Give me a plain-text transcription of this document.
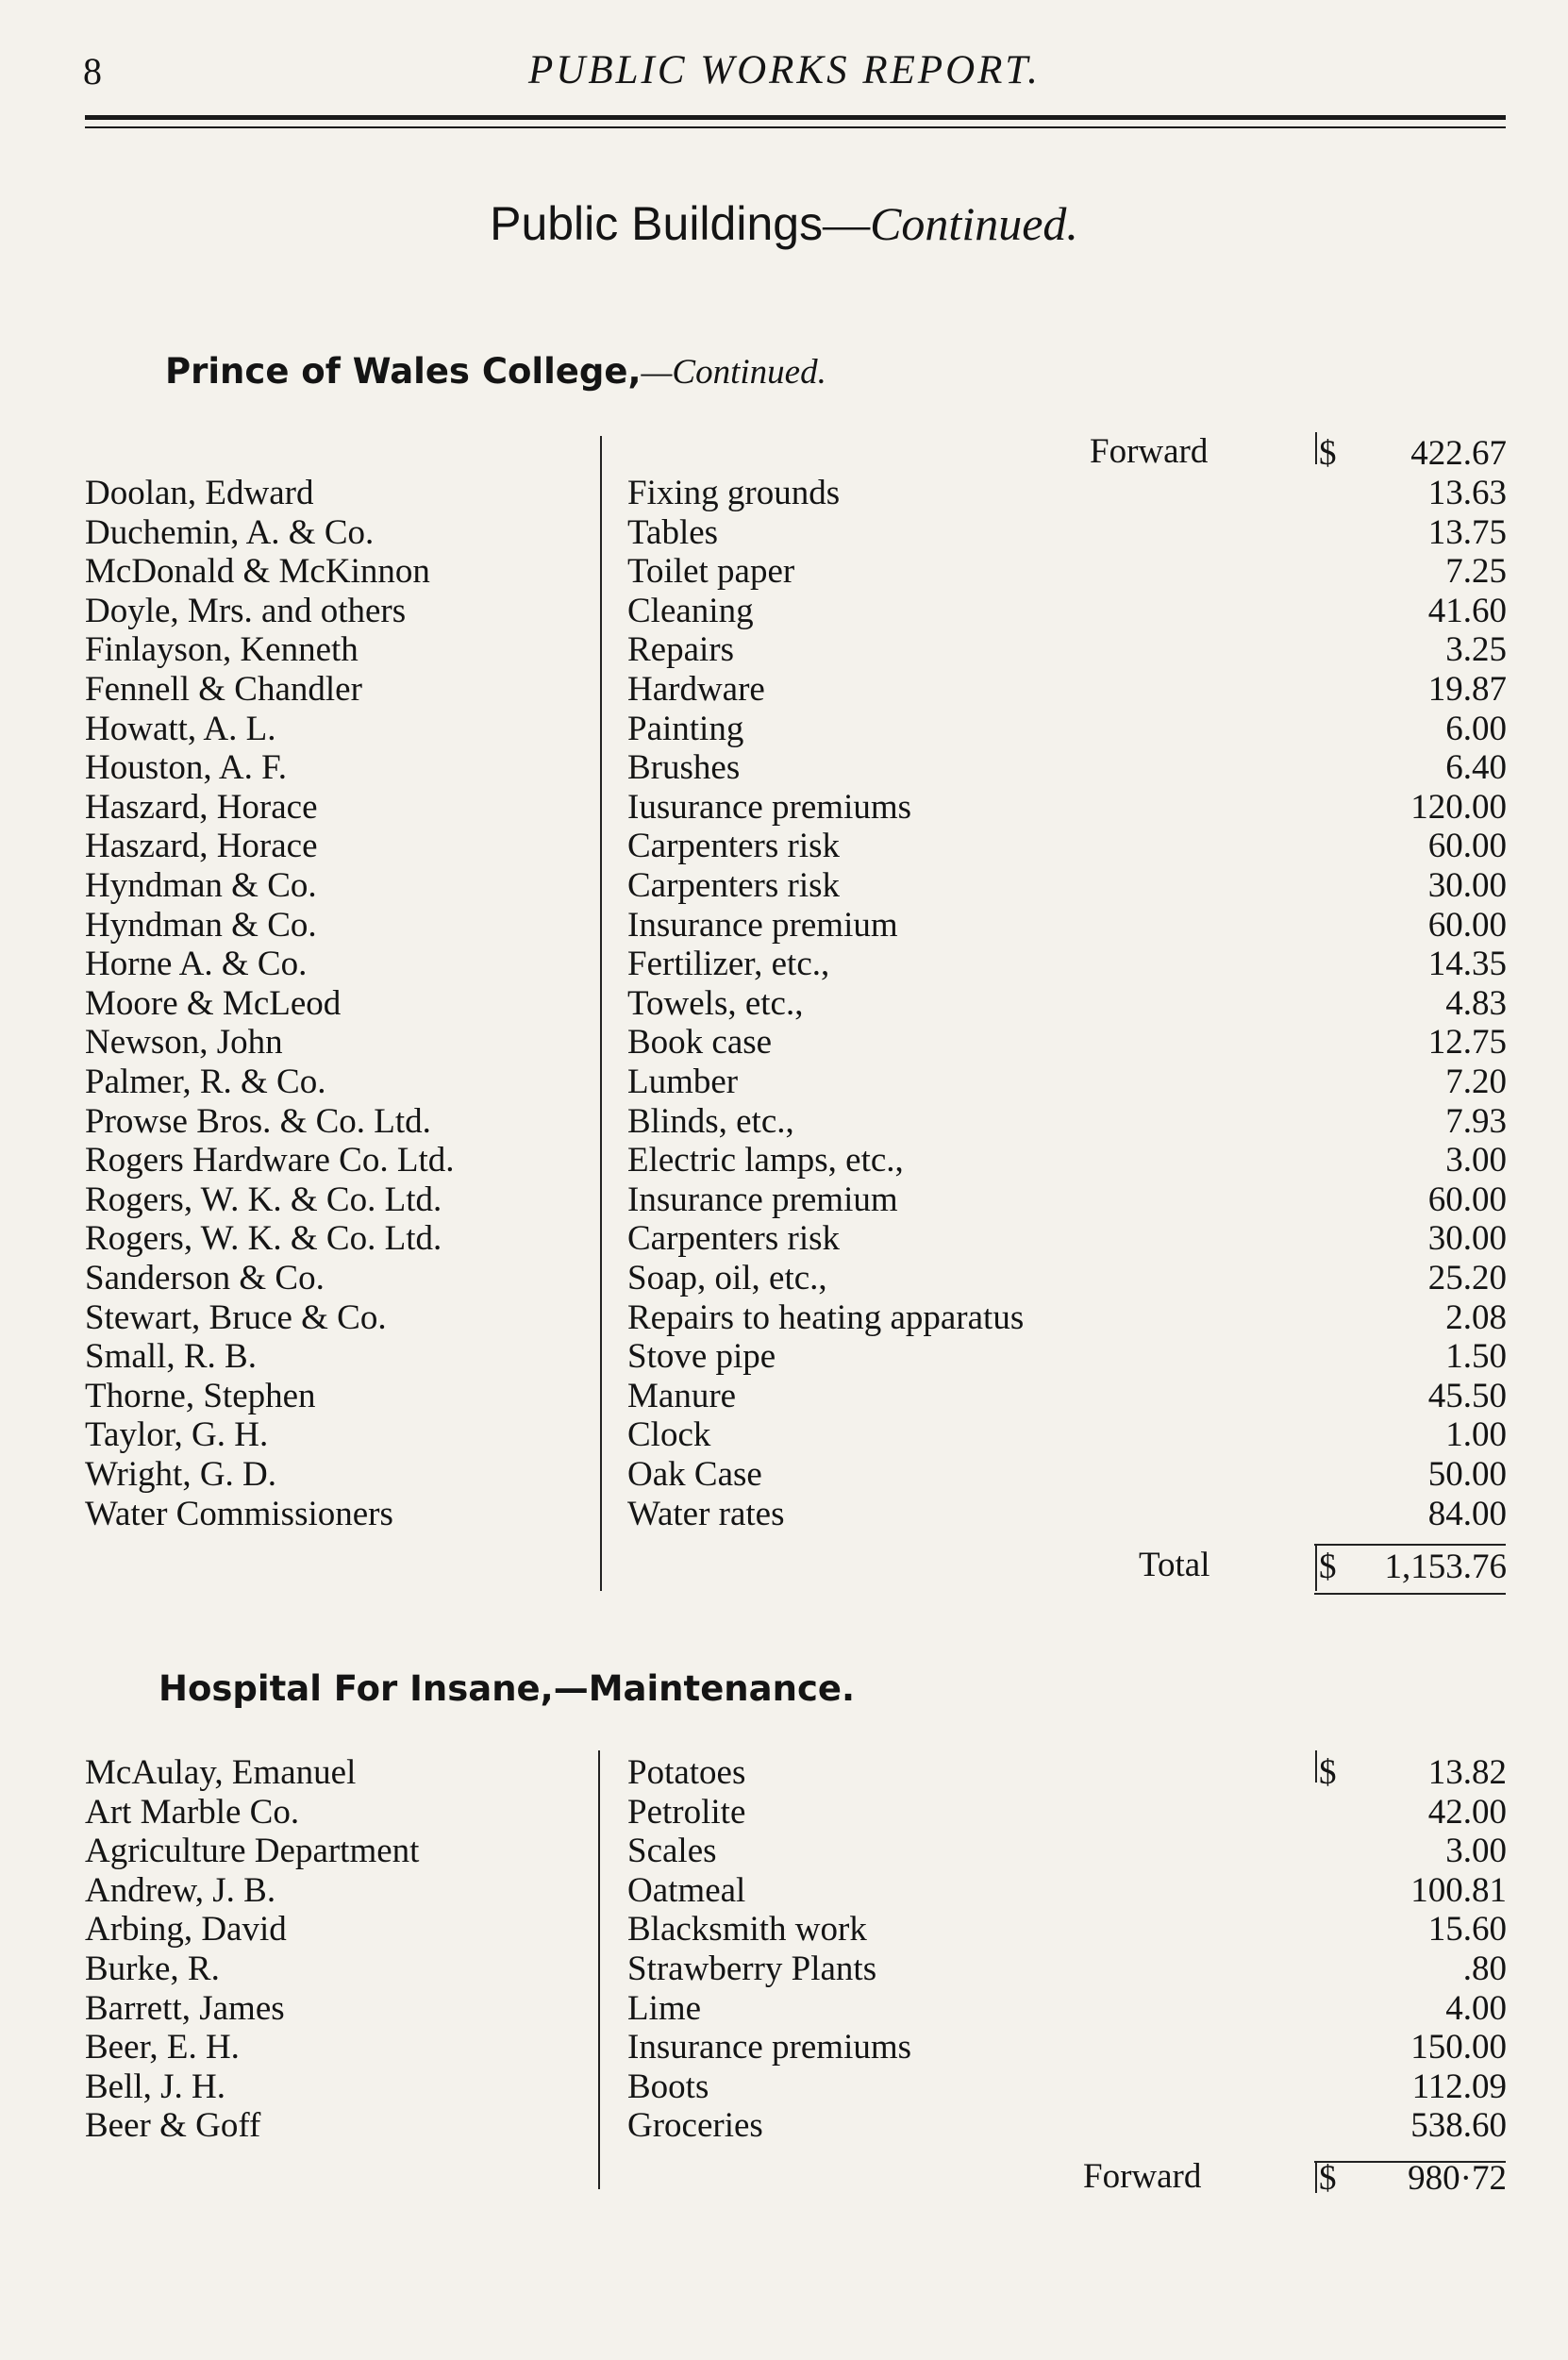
8	PUBLIC WORKS REPORT.
Public Buildings—Continued.
Prince of Wales College,—Continued.
Forward	$ 422.67
Doolan, Edward	Fixing grounds	13.63
Duchemin, A. & Co.	Tables	13.75
McDonald & McKinnon	Toilet paper	7.25
Doyle, Mrs. and others	Cleaning	41.60
Finlayson, Kenneth	Repairs	3.25
Fennell & Chandler	Hardware	19.87
Howatt, A. L.	Painting	6.00
Houston, A. F.	Brushes	6.40
Haszard, Horace	Iusurance premiums	120.00
Haszard, Horace	Carpenters risk	60.00
Hyndman & Co.	Carpenters risk	30.00
Hyndman & Co.	Insurance premium	60.00
Horne A. & Co.	Fertilizer, etc.,	14.35
Moore & McLeod	Towels, etc.,	4.83
Newson, John	Book case	12.75
Palmer, R. & Co.	Lumber	7.20
Prowse Bros. & Co. Ltd.	Blinds, etc.,	7.93
Rogers Hardware Co. Ltd.	Electric lamps, etc.,	3.00
Rogers, W. K. & Co. Ltd.	Insurance premium	60.00
Rogers, W. K. & Co. Ltd.	Carpenters risk	30.00
Sanderson & Co.	Soap, oil, etc.,	25.20
Stewart, Bruce & Co.	Repairs to heating apparatus	2.08
Small, R. B.	Stove pipe	1.50
Thorne, Stephen	Manure	45.50
Taylor, G. H.	Clock	1.00
Wright, G. D.	Oak Case	50.00
Water Commissioners	Water rates	84.00
Total	$ 1,153.76
Hospital For Insane,—Maintenance.
$
McAulay, Emanuel	Potatoes	13.82
Art Marble Co.	Petrolite	42.00
Agriculture Department	Scales	3.00
Andrew, J. B.	Oatmeal	100.81
Arbing, David	Blacksmith work	15.60
Burke, R.	Strawberry Plants	.80
Barrett, James	Lime	4.00
Beer, E. H.	Insurance premiums	150.00
Bell, J. H.	Boots	112.09
Beer & Goff	Groceries	538.60
Forward	$ 980·72
